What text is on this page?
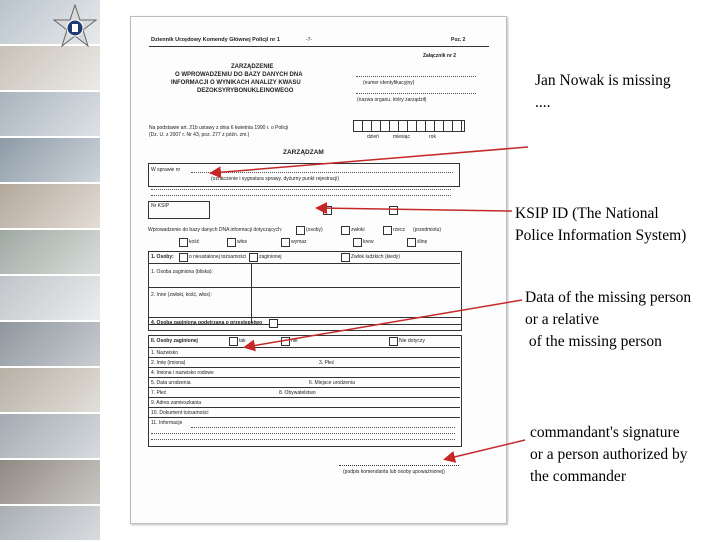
Dziennik Urzędowy Komendy Głównej Policji nr 1	-7-	Poz. 2
Załącznik nr 2
ZARZĄDZENIE
O WPROWADZENIU DO BAZY DANYCH DNA
INFORMACJI O WYNIKACH ANALIZY KWASU
DEZOKSYRYBONUKLEINOWEGO
(numer identyfikacyjny)
(nazwa organu, który zarządził)
Na podstawie art. 21b ustawy z dnia 6 kwietnia 1990 r. o Policji
(Dz. U. z 2007 r. Nr 43, poz. 277 z późn. zm.)	dzień	miesiąc	rok
ZARZĄDZAM
W sprawie nr
(oznaczenie i sygnatura sprawy, dyżurny punkt rejestracji)
Nr KSIP
Wprowadzenie do bazy danych DNA informacji dotyczących:	(osoby)	zwłoki	rzecz (przedmiotu)
kość	włos	wymaz	krew	ślinę
1. Osoby:	o nieustalonej tożsamości	zaginionej	Zwłok ludzkich (kiedy)
1. Osoba zaginiona (bliska):
2. Inne (zwłoki, kość, włos):
4. Osoba zaginiona podejrzana o przestępstwo
II. Osoby zaginionej	tak	nie	Nie dotyczy
1. Nazwisko
2. Imię (imiona)	3. Płeć
4. Imiona i nazwisko rodowe
5. Data urodzenia	6. Miejsce urodzenia
7. Płeć	8. Obywatelstwo
9. Adres zamieszkania
10. Dokument tożsamości
11. Informacje
(podpis komendanta lub osoby upoważnionej)
Jan Nowak is missing
....
KSIP ID (The National
Police Information System)
Data of the missing person
or a relative
of the missing person
commandant's signature
or a person authorized by
the commander
